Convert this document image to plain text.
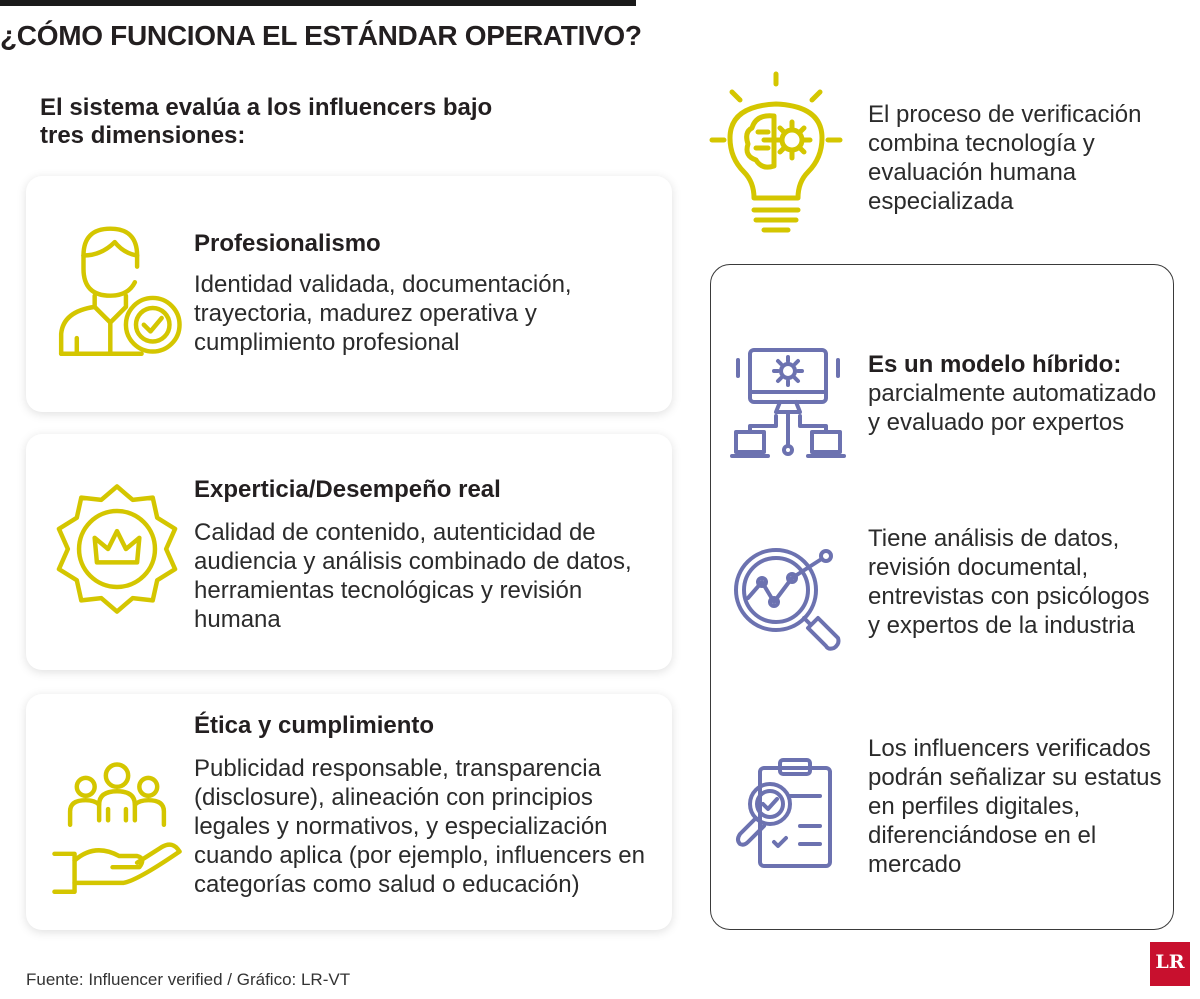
¿CÓMO FUNCIONA EL ESTÁNDAR OPERATIVO?
El sistema evalúa a los influencers bajo tres dimensiones:
Profesionalismo
Identidad validada, documentación, trayectoria, madurez operativa y cumplimiento profesional
Experticia/Desempeño real
Calidad de contenido, autenticidad de audiencia y análisis combinado de datos, herramientas tecnológicas y revisión humana
Ética y cumplimiento
Publicidad responsable, transparencia (disclosure), alineación con principios legales y normativos, y especialización cuando aplica (por ejemplo, influencers en categorías como salud o educación)
El proceso de verificación combina tecnología y evaluación humana especializada
Es un modelo híbrido: parcialmente automatizado y evaluado por expertos
Tiene análisis de datos, revisión documental, entrevistas con psicólogos y expertos de la industria
Los influencers verificados podrán señalizar su estatus en perfiles digitales, diferenciándose en el mercado
Fuente: Influencer verified / Gráfico: LR-VT
LR
